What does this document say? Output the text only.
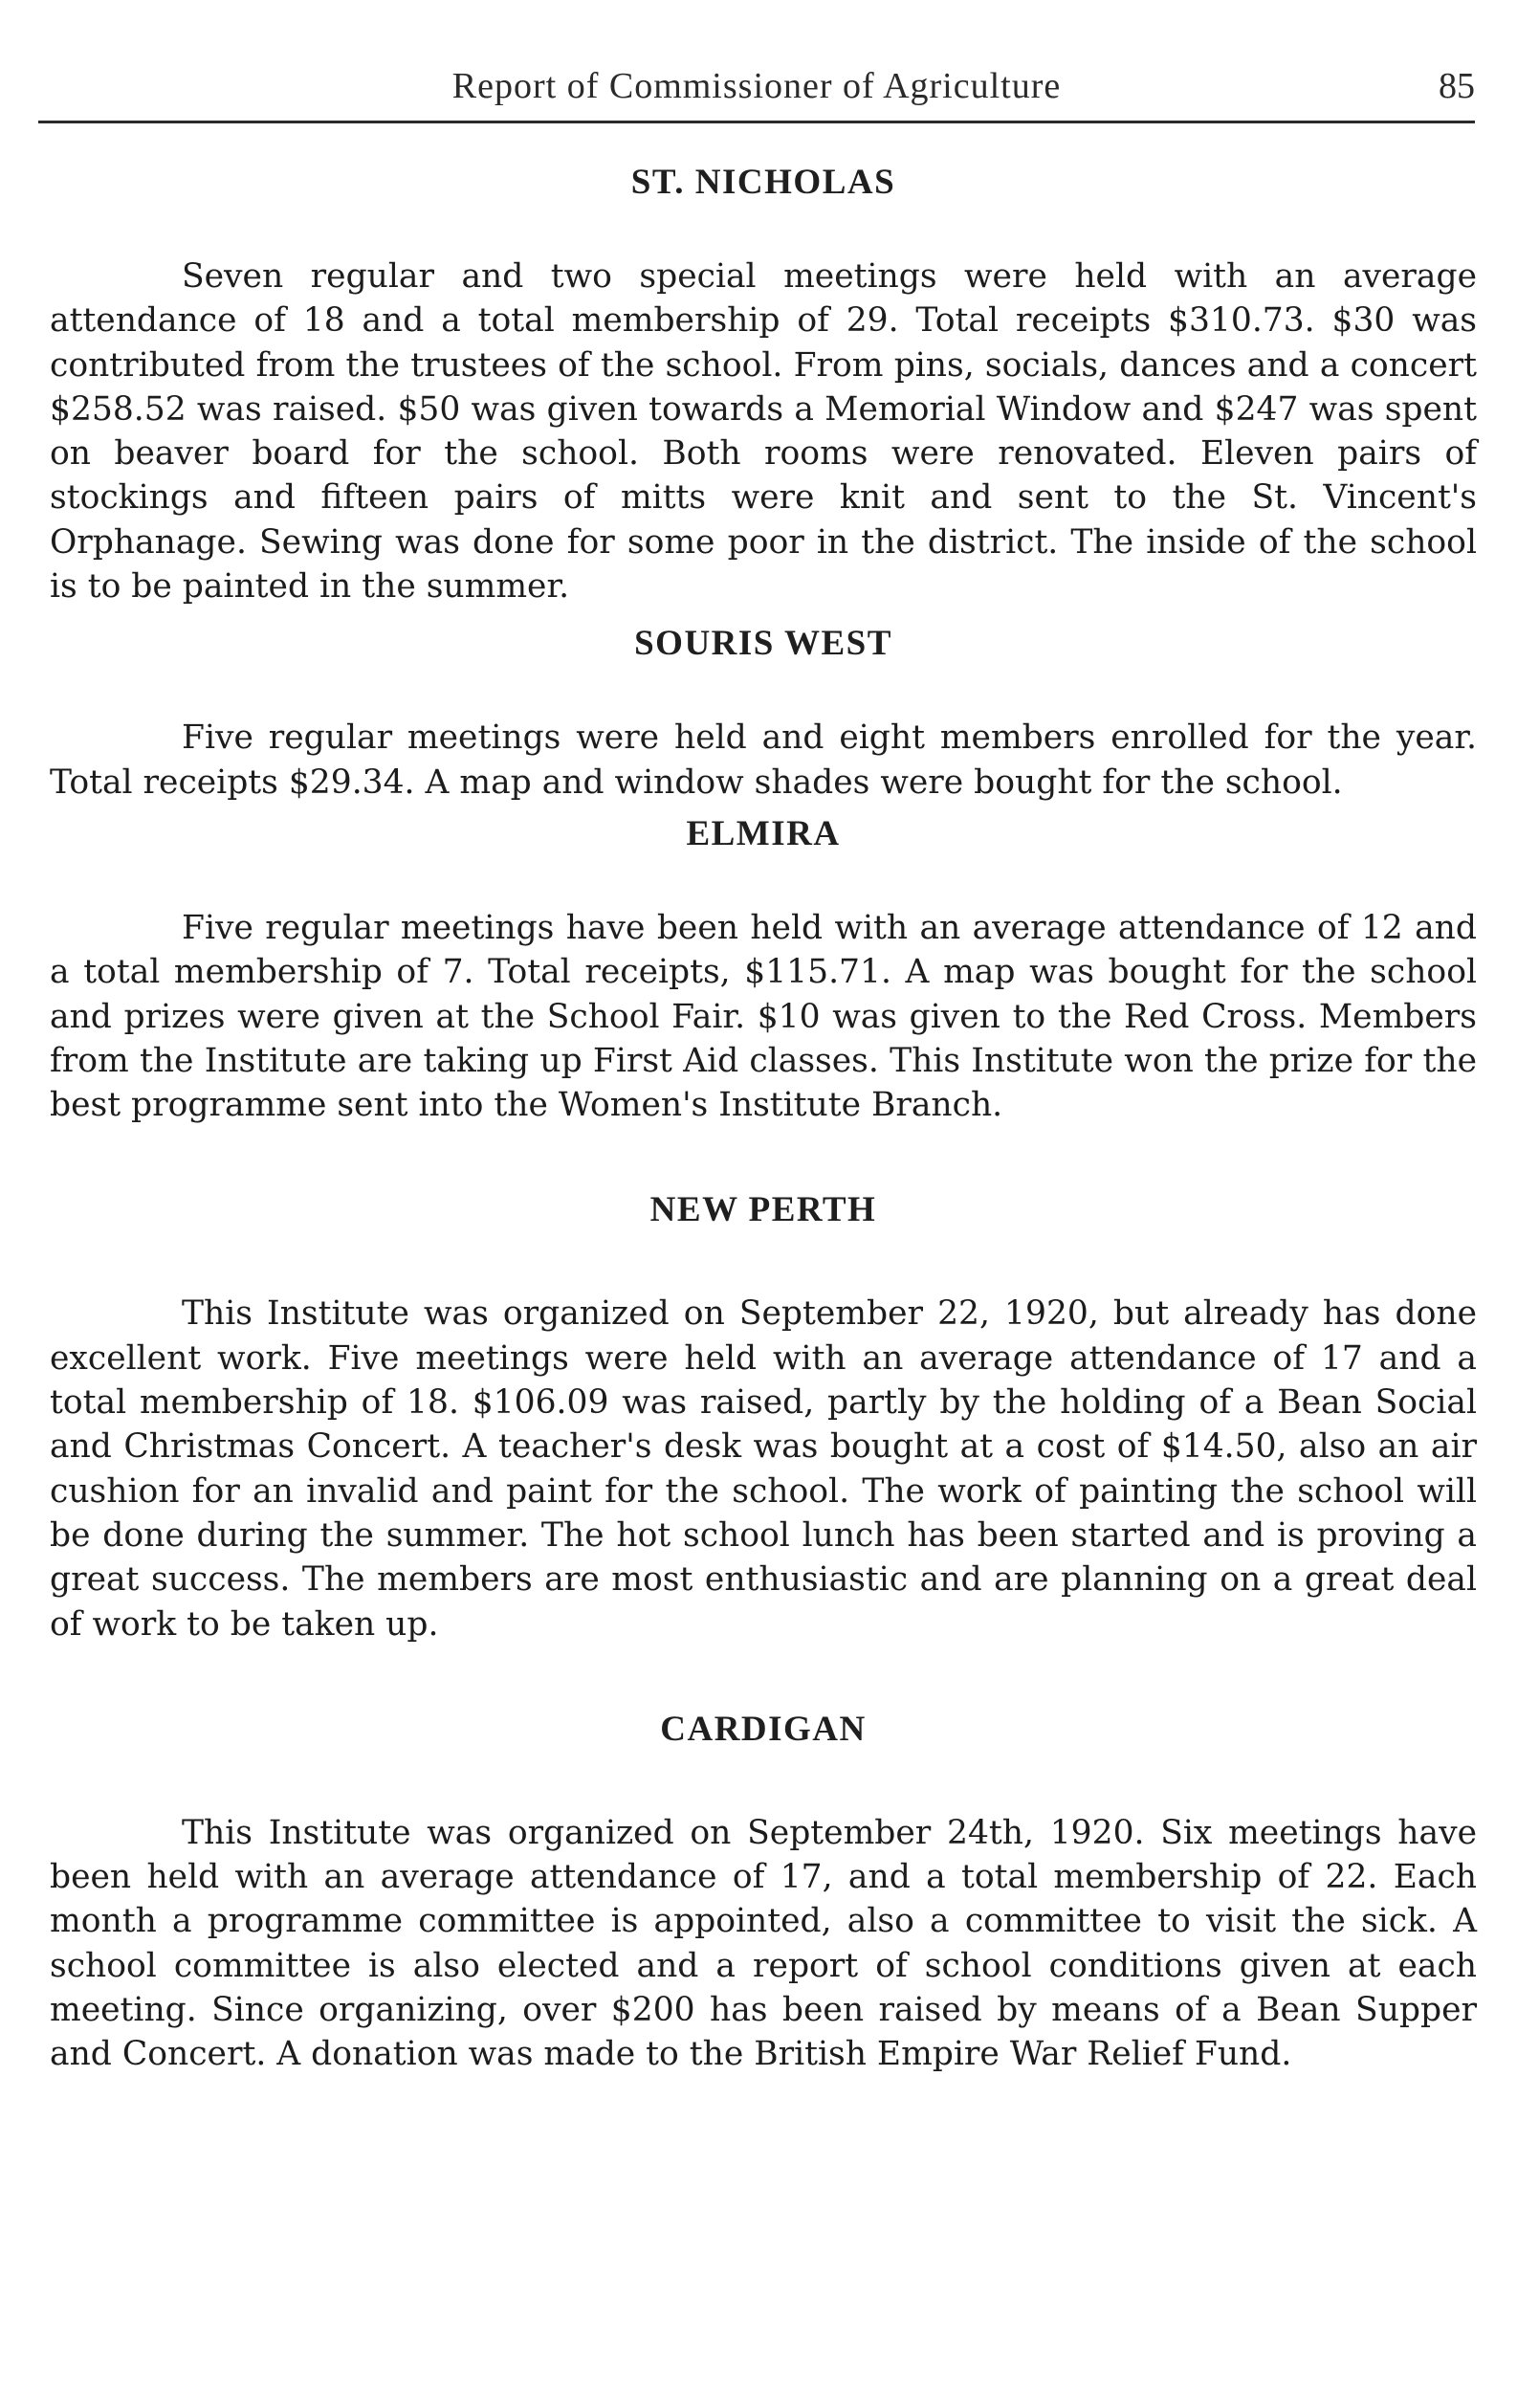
Report of Commissioner of Agriculture	85
ST. NICHOLAS

Seven regular and two special meetings were held with an average attendance of 18 and a total membership of 29. Total receipts $310.73. $30 was contributed from the trustees of the school. From pins, socials, dances and a concert $258.52 was raised. $50 was given towards a Memorial Window and $247 was spent on beaver board for the school. Both rooms were renovated. Eleven pairs of stockings and fifteen pairs of mitts were knit and sent to the St. Vincent's Orphanage. Sewing was done for some poor in the district. The inside of the school is to be painted in the summer.

SOURIS WEST

Five regular meetings were held and eight members enrolled for the year. Total receipts $29.34. A map and window shades were bought for the school.

ELMIRA

Five regular meetings have been held with an average attendance of 12 and a total membership of 7. Total receipts, $115.71. A map was bought for the school and prizes were given at the School Fair. $10 was given to the Red Cross. Members from the Institute are taking up First Aid classes. This Institute won the prize for the best programme sent into the Women's Institute Branch.

NEW PERTH

This Institute was organized on September 22, 1920, but already has done excellent work. Five meetings were held with an average attendance of 17 and a total membership of 18. $106.09 was raised, partly by the holding of a Bean Social and Christmas Concert. A teacher's desk was bought at a cost of $14.50, also an air cushion for an invalid and paint for the school. The work of painting the school will be done during the summer. The hot school lunch has been started and is proving a great success. The members are most enthusiastic and are planning on a great deal of work to be taken up.

CARDIGAN

This Institute was organized on September 24th, 1920. Six meetings have been held with an average attendance of 17, and a total membership of 22. Each month a programme committee is appointed, also a committee to visit the sick. A school committee is also elected and a report of school conditions given at each meeting. Since organizing, over $200 has been raised by means of a Bean Supper and Concert. A donation was made to the British Empire War Relief Fund.
